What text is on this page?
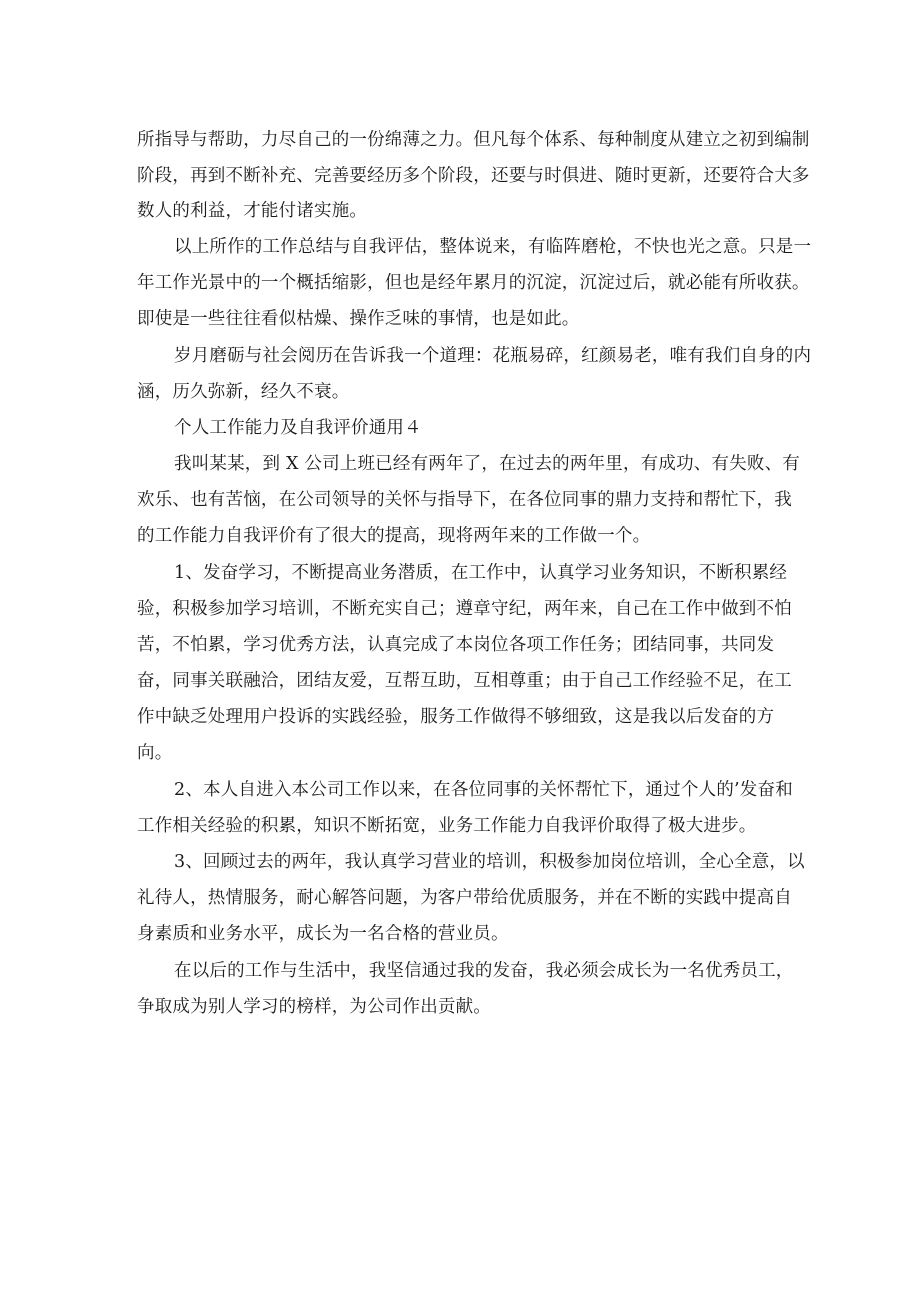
所指导与帮助，力尽自己的一份绵薄之力。但凡每个体系、每种制度从建立之初到编制
阶段，再到不断补充、完善要经历多个阶段，还要与时俱进、随时更新，还要符合大多
数人的利益，才能付诸实施。
以上所作的工作总结与自我评估，整体说来，有临阵磨枪，不快也光之意。只是一
年工作光景中的一个概括缩影，但也是经年累月的沉淀，沉淀过后，就必能有所收获。
即使是一些往往看似枯燥、操作乏味的事情，也是如此。
岁月磨砺与社会阅历在告诉我一个道理：花瓶易碎，红颜易老，唯有我们自身的内
涵，历久弥新，经久不衰。
个人工作能力及自我评价通用４
我叫某某，到 X 公司上班已经有两年了，在过去的两年里，有成功、有失败、有
欢乐、也有苦恼，在公司领导的关怀与指导下，在各位同事的鼎力支持和帮忙下，我
的工作能力自我评价有了很大的提高，现将两年来的工作做一个。
1、发奋学习，不断提高业务潜质，在工作中，认真学习业务知识，不断积累经
验，积极参加学习培训，不断充实自己；遵章守纪，两年来，自己在工作中做到不怕
苦，不怕累，学习优秀方法，认真完成了本岗位各项工作任务；团结同事，共同发
奋，同事关联融洽，团结友爱，互帮互助，互相尊重；由于自己工作经验不足，在工
作中缺乏处理用户投诉的实践经验，服务工作做得不够细致，这是我以后发奋的方
向。
2、本人自进入本公司工作以来，在各位同事的关怀帮忙下，通过个人的’发奋和
工作相关经验的积累，知识不断拓宽，业务工作能力自我评价取得了极大进步。
3、回顾过去的两年，我认真学习营业的培训，积极参加岗位培训，全心全意，以
礼待人，热情服务，耐心解答问题，为客户带给优质服务，并在不断的实践中提高自
身素质和业务水平，成长为一名合格的营业员。
在以后的工作与生活中，我坚信通过我的发奋，我必须会成长为一名优秀员工，
争取成为别人学习的榜样，为公司作出贡献。
